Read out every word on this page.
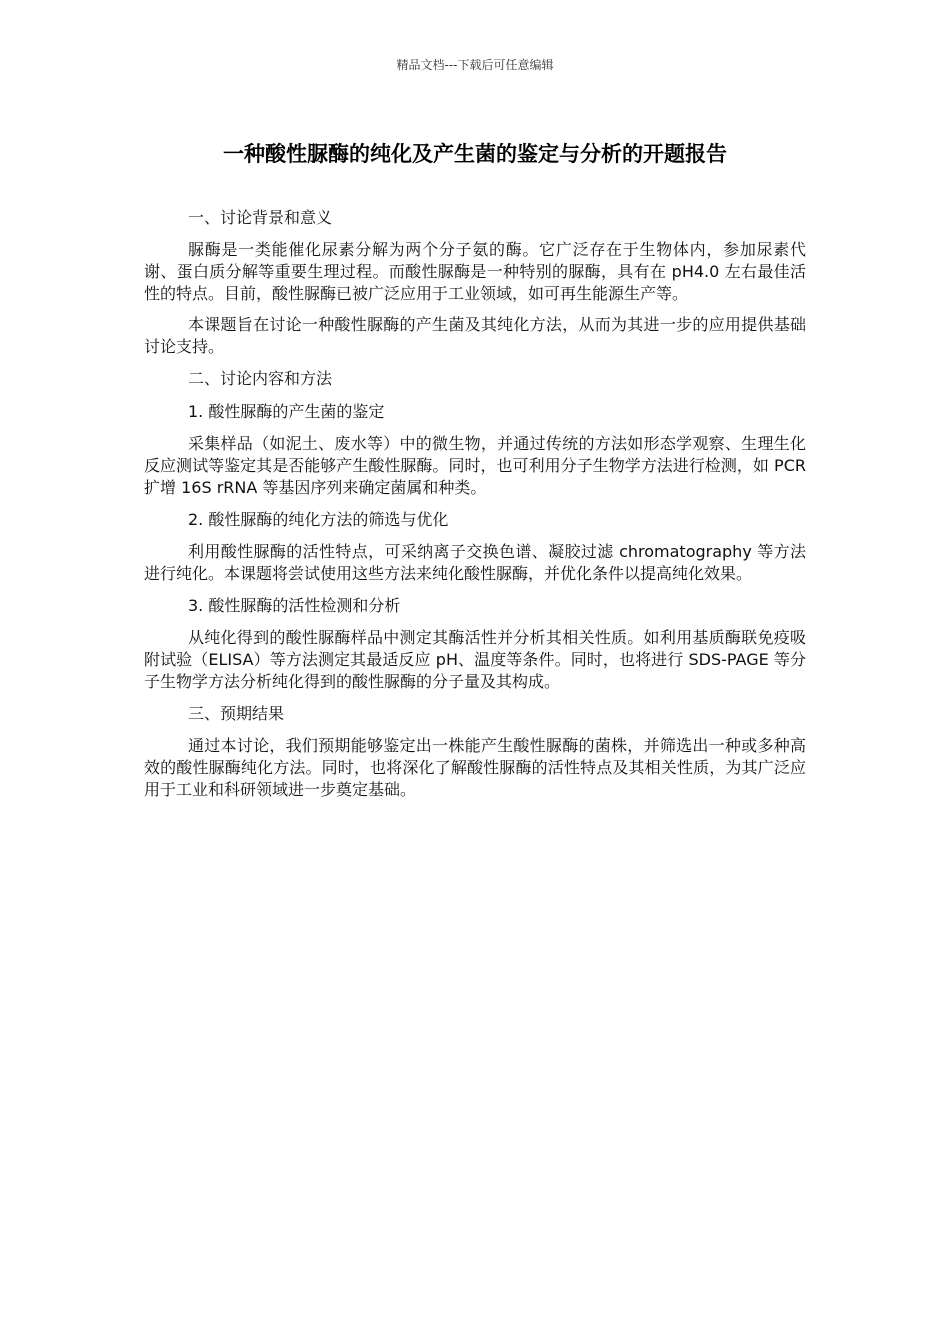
精品文档---下载后可任意编辑
一种酸性脲酶的纯化及产生菌的鉴定与分析的开题报告
一、讨论背景和意义

脲酶是一类能催化尿素分解为两个分子氨的酶。它广泛存在于生物体内，参加尿素代谢、蛋白质分解等重要生理过程。而酸性脲酶是一种特别的脲酶，具有在 pH4.0 左右最佳活性的特点。目前，酸性脲酶已被广泛应用于工业领域，如可再生能源生产等。

本课题旨在讨论一种酸性脲酶的产生菌及其纯化方法，从而为其进一步的应用提供基础讨论支持。

二、讨论内容和方法
1. 酸性脲酶的产生菌的鉴定

采集样品（如泥土、废水等）中的微生物，并通过传统的方法如形态学观察、生理生化反应测试等鉴定其是否能够产生酸性脲酶。同时，也可利用分子生物学方法进行检测，如 PCR 扩增 16S rRNA 等基因序列来确定菌属和种类。

2. 酸性脲酶的纯化方法的筛选与优化

利用酸性脲酶的活性特点，可采纳离子交换色谱、凝胶过滤 chromatography 等方法进行纯化。本课题将尝试使用这些方法来纯化酸性脲酶，并优化条件以提高纯化效果。

3. 酸性脲酶的活性检测和分析

从纯化得到的酸性脲酶样品中测定其酶活性并分析其相关性质。如利用基质酶联免疫吸附试验（ELISA）等方法测定其最适反应 pH、温度等条件。同时，也将进行 SDS-PAGE 等分子生物学方法分析纯化得到的酸性脲酶的分子量及其构成。

三、预期结果

通过本讨论，我们预期能够鉴定出一株能产生酸性脲酶的菌株，并筛选出一种或多种高效的酸性脲酶纯化方法。同时，也将深化了解酸性脲酶的活性特点及其相关性质，为其广泛应用于工业和科研领域进一步奠定基础。
